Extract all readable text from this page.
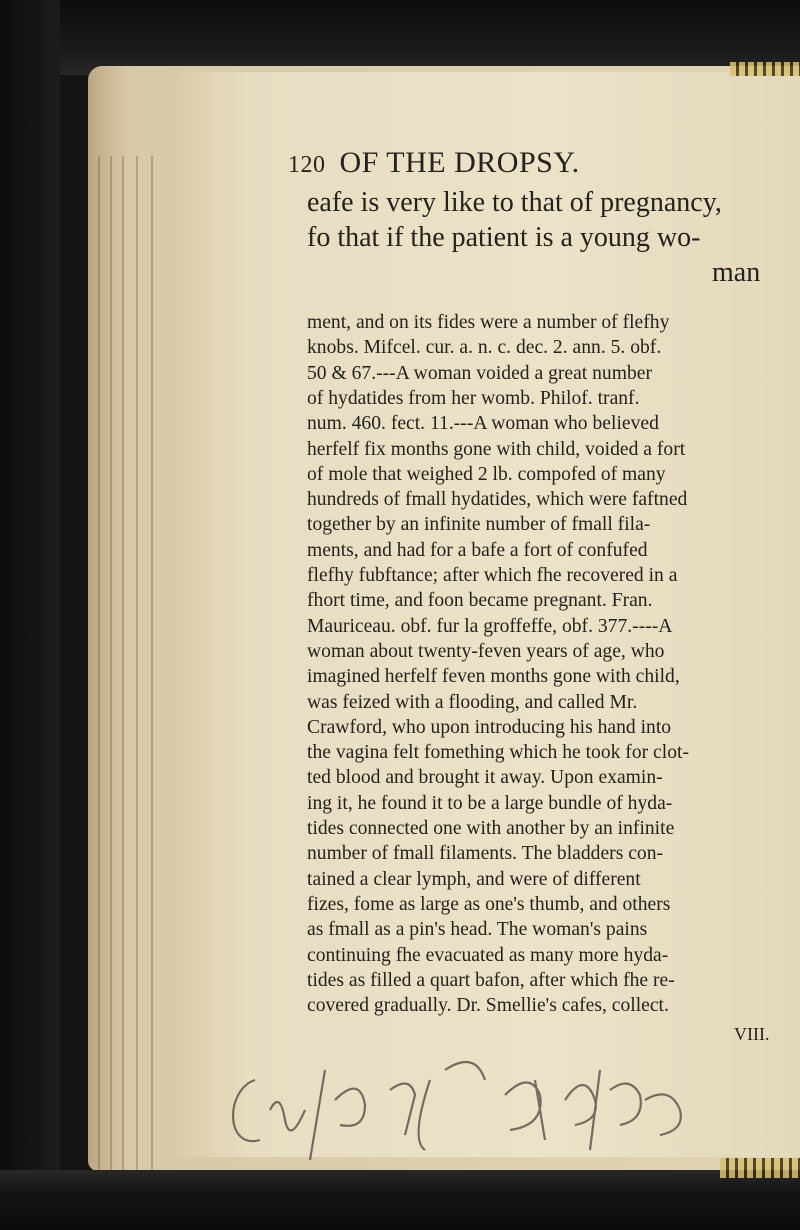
120 OF THE DROPSY.
eafe is very like to that of pregnancy,
fo that if the patient is a young wo-
man
ment, and on its fides were a number of flefhy
knobs. Mifcel. cur. a. n. c. dec. 2. ann. 5. obf.
50 & 67.---A woman voided a great number
of hydatides from her womb. Philof. tranf.
num. 460. fect. 11.---A woman who believed
herfelf fix months gone with child, voided a fort
of mole that weighed 2 lb. compofed of many
hundreds of fmall hydatides, which were faftned
together by an infinite number of fmall fila-
ments, and had for a bafe a fort of confufed
flefhy fubftance; after which fhe recovered in a
fhort time, and foon became pregnant. Fran.
Mauriceau. obf. fur la groffeffe, obf. 377.----A
woman about twenty-feven years of age, who
imagined herfelf feven months gone with child,
was feized with a flooding, and called Mr.
Crawford, who upon introducing his hand into
the vagina felt fomething which he took for clot-
ted blood and brought it away. Upon examin-
ing it, he found it to be a large bundle of hyda-
tides connected one with another by an infinite
number of fmall filaments. The bladders con-
tained a clear lymph, and were of different
fizes, fome as large as one's thumb, and others
as fmall as a pin's head. The woman's pains
continuing fhe evacuated as many more hyda-
tides as filled a quart bafon, after which fhe re-
covered gradually. Dr. Smellie's cafes, collect.
VIII.
